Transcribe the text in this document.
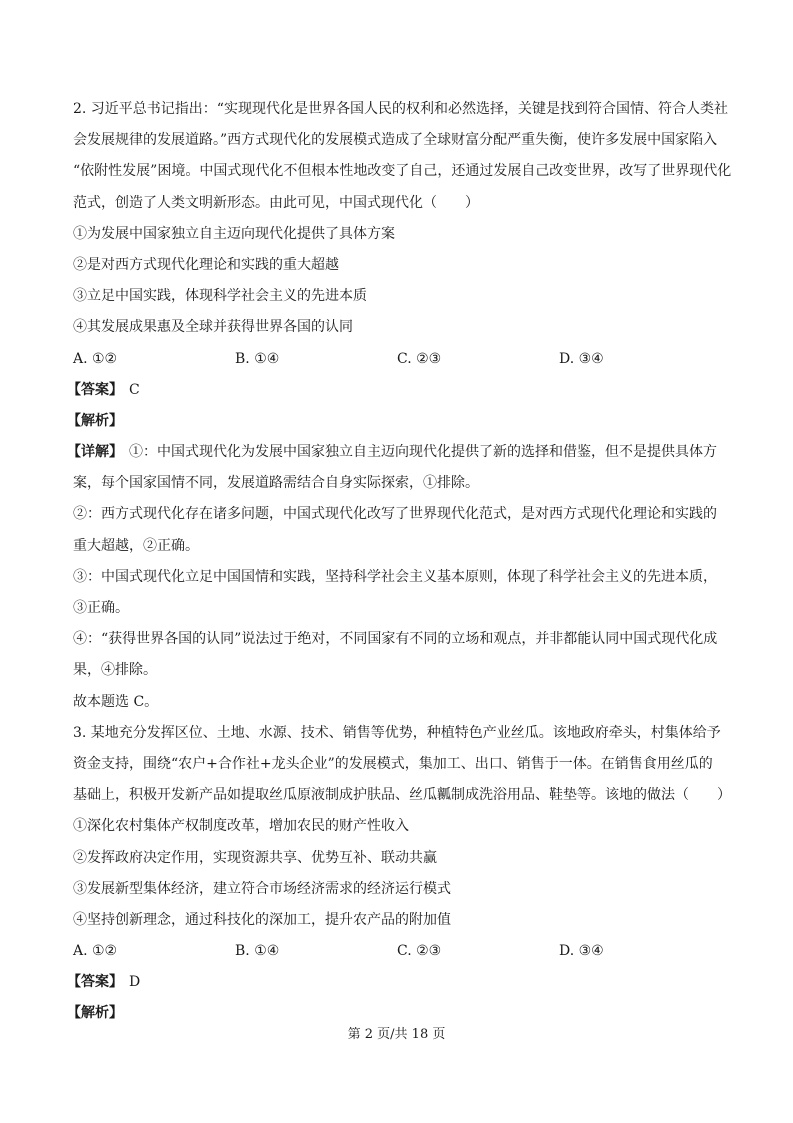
2. 习近平总书记指出：“实现现代化是世界各国人民的权利和必然选择，关键是找到符合国情、符合人类社
会发展规律的发展道路。”西方式现代化的发展模式造成了全球财富分配严重失衡，使许多发展中国家陷入
“依附性发展”困境。中国式现代化不但根本性地改变了自己，还通过发展自己改变世界，改写了世界现代化
范式，创造了人类文明新形态。由此可见，中国式现代化（　　）
①为发展中国家独立自主迈向现代化提供了具体方案
②是对西方式现代化理论和实践的重大超越
③立足中国实践，体现科学社会主义的先进本质
④其发展成果惠及全球并获得世界各国的认同
A. ①②	B. ①④	C. ②③	D. ③④
【答案】 C
【解析】
【详解】 ①：中国式现代化为发展中国家独立自主迈向现代化提供了新的选择和借鉴，但不是提供具体方
案，每个国家国情不同，发展道路需结合自身实际探索，①排除。
②：西方式现代化存在诸多问题，中国式现代化改写了世界现代化范式，是对西方式现代化理论和实践的
重大超越，②正确。
③：中国式现代化立足中国国情和实践，坚持科学社会主义基本原则，体现了科学社会主义的先进本质，
③正确。
④：“获得世界各国的认同”说法过于绝对，不同国家有不同的立场和观点，并非都能认同中国式现代化成
果，④排除。
故本题选 C。
3. 某地充分发挥区位、土地、水源、技术、销售等优势，种植特色产业丝瓜。该地政府牵头，村集体给予
资金支持，围绕“农户+合作社+龙头企业”的发展模式，集加工、出口、销售于一体。在销售食用丝瓜的
基础上，积极开发新产品如提取丝瓜原液制成护肤品、丝瓜瓤制成洗浴用品、鞋垫等。该地的做法（　　）
①深化农村集体产权制度改革，增加农民的财产性收入
②发挥政府决定作用，实现资源共享、优势互补、联动共赢
③发展新型集体经济，建立符合市场经济需求的经济运行模式
④坚持创新理念，通过科技化的深加工，提升农产品的附加值
A. ①②	B. ①④	C. ②③	D. ③④
【答案】 D
【解析】
第 2 页/共 18 页
